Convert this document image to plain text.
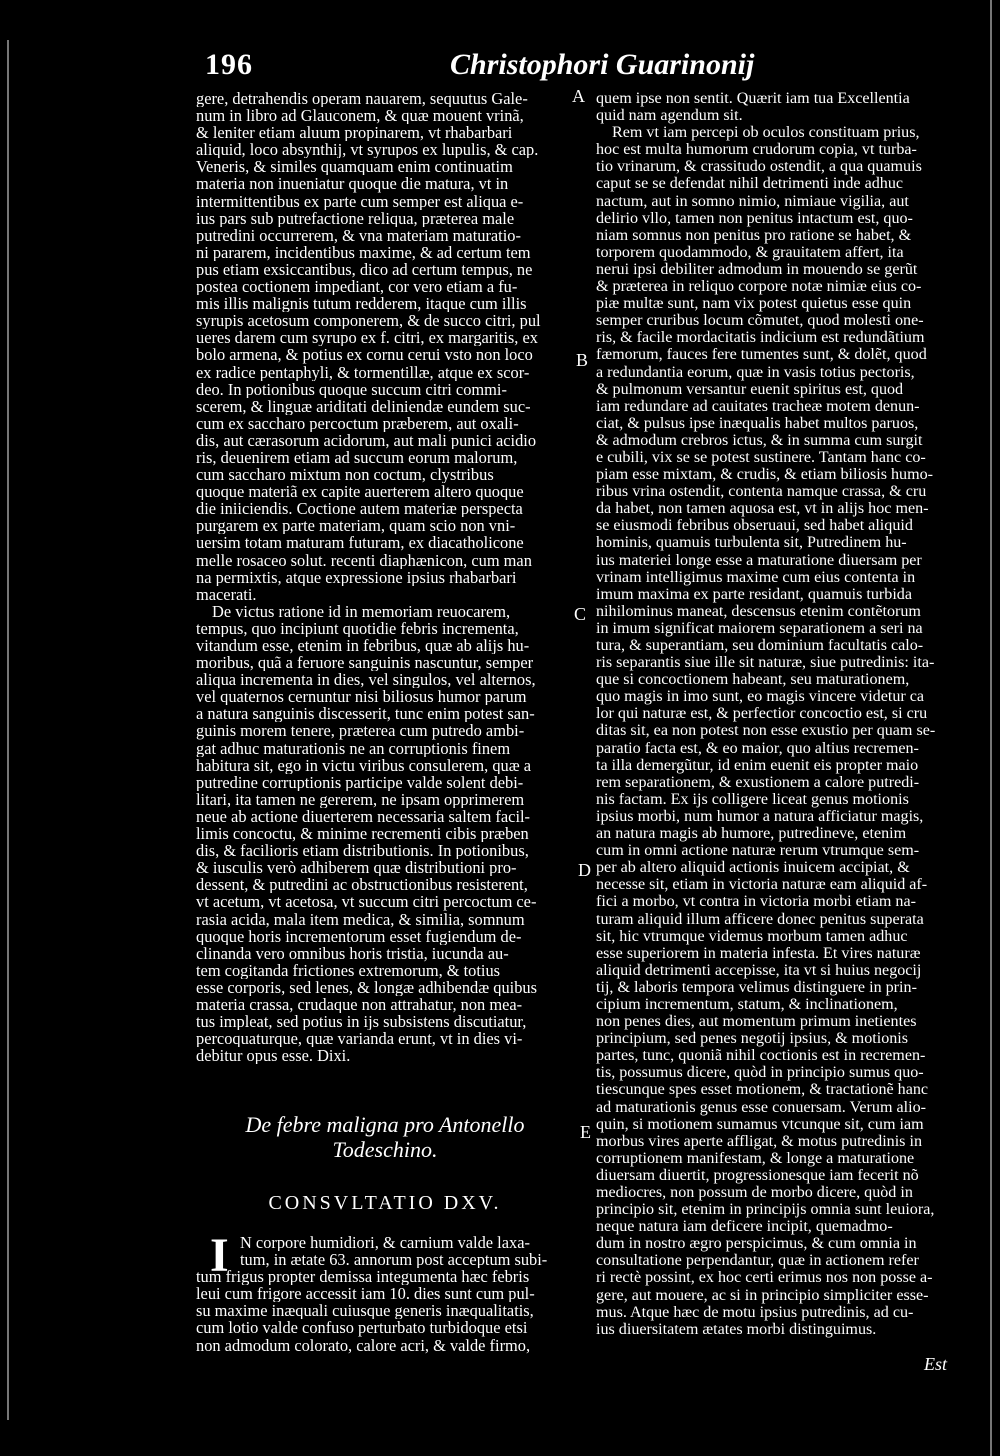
196	Christophori Guarinonij
gere, detrahendis operam nauarem, sequutus Gale-
num in libro ad Glauconem, & quæ mouent vrinã,
& leniter etiam aluum propinarem, vt rhabarbari
aliquid, loco absynthij, vt syrupos ex lupulis, & cap.
Veneris, & similes quamquam enim continuatim
materia non inueniatur quoque die matura, vt in
intermittentibus ex parte cum semper est aliqua e-
ius pars sub putrefactione reliqua, præterea male
putredini occurrerem, & vna materiam maturatio-
ni pararem, incidentibus maxime, & ad certum tem
pus etiam exsiccantibus, dico ad certum tempus, ne
postea coctionem impediant, cor vero etiam a fu-
mis illis malignis tutum redderem, itaque cum illis
syrupis acetosum componerem, & de succo citri, pul
ueres darem cum syrupo ex f. citri, ex margaritis, ex
bolo armena, & potius ex cornu cerui vsto non loco
ex radice pentaphyli, & tormentillæ, atque ex scor-
deo. In potionibus quoque succum citri commi-
scerem, & linguæ ariditati deliniendæ eundem suc-
cum ex saccharo percoctum præberem, aut oxali-
dis, aut cærasorum acidorum, aut mali punici acidio
ris, deuenirem etiam ad succum eorum malorum,
cum saccharo mixtum non coctum, clystribus
quoque materiã ex capite auerterem altero quoque
die iniiciendis. Coctione autem materiæ perspecta
purgarem ex parte materiam, quam scio non vni-
uersim totam maturam futuram, ex diacatholicone
melle rosaceo solut. recenti diaphænicon, cum man
na permixtis, atque expressione ipsius rhabarbari
macerati.
De victus ratione id in memoriam reuocarem,
tempus, quo incipiunt quotidie febris incrementa,
vitandum esse, etenim in febribus, quæ ab alijs hu-
moribus, quã a feruore sanguinis nascuntur, semper
aliqua incrementa in dies, vel singulos, vel alternos,
vel quaternos cernuntur nisi biliosus humor parum
a natura sanguinis discesserit, tunc enim potest san-
guinis morem tenere, præterea cum putredo ambi-
gat adhuc maturationis ne an corruptionis finem
habitura sit, ego in victu viribus consulerem, quæ a
putredine corruptionis participe valde solent debi-
litari, ita tamen ne gererem, ne ipsam opprimerem
neue ab actione diuerterem necessaria saltem facil-
limis concoctu, & minime recrementi cibis præben
dis, & facilioris etiam distributionis. In potionibus,
& iusculis verò adhiberem quæ distributioni pro-
dessent, & putredini ac obstructionibus resisterent,
vt acetum, vt acetosa, vt succum citri percoctum ce-
rasia acida, mala item medica, & similia, somnum
quoque horis incrementorum esset fugiendum de-
clinanda vero omnibus horis tristia, iucunda au-
tem cogitanda frictiones extremorum, & totius
esse corporis, sed lenes, & longæ adhibendæ quibus
materia crassa, crudaque non attrahatur, non mea-
tus impleat, sed potius in ijs subsistens discutiatur,
percoquaturque, quæ varianda erunt, vt in dies vi-
debitur opus esse. Dixi.
A
B
C
D
E
De febre maligna pro Antonello
Todeschino.
CONSVLTATIO DXV.
I N corpore humidiori, & carnium valde laxa-
tum, in ætate 63. annorum post acceptum subi-
tum frigus propter demissa integumenta hæc febris
leui cum frigore accessit iam 10. dies sunt cum pul-
su maxime inæquali cuiusque generis inæqualitatis,
cum lotio valde confuso perturbato turbidoque etsi
non admodum colorato, calore acri, & valde firmo,
quem ipse non sentit. Quærit iam tua Excellentia
quid nam agendum sit.
Rem vt iam percepi ob oculos constituam prius,
hoc est multa humorum crudorum copia, vt turba-
tio vrinarum, & crassitudo ostendit, a qua quamuis
caput se se defendat nihil detrimenti inde adhuc
nactum, aut in somno nimio, nimiaue vigilia, aut
delirio vllo, tamen non penitus intactum est, quo-
niam somnus non penitus pro ratione se habet, &
torporem quodammodo, & grauitatem affert, ita
nerui ipsi debiliter admodum in mouendo se gerũt
& præterea in reliquo corpore notæ nimiæ eius co-
piæ multæ sunt, nam vix potest quietus esse quin
semper cruribus locum cõmutet, quod molesti one-
ris, & facile mordacitatis indicium est redundãtium
fæmorum, fauces fere tumentes sunt, & dolẽt, quod
a redundantia eorum, quæ in vasis totius pectoris,
& pulmonum versantur euenit spiritus est, quod
iam redundare ad cauitates tracheæ motem denun-
ciat, & pulsus ipse inæqualis habet multos paruos,
& admodum crebros ictus, & in summa cum surgit
e cubili, vix se se potest sustinere. Tantam hanc co-
piam esse mixtam, & crudis, & etiam biliosis humo-
ribus vrina ostendit, contenta namque crassa, & cru
da habet, non tamen aquosa est, vt in alijs hoc men-
se eiusmodi febribus obseruaui, sed habet aliquid
hominis, quamuis turbulenta sit, Putredinem hu-
ius materiei longe esse a maturatione diuersam per
vrinam intelligimus maxime cum eius contenta in
imum maxima ex parte residant, quamuis turbida
nihilominus maneat, descensus etenim contẽtorum
in imum significat maiorem separationem a seri na
tura, & superantiam, seu dominium facultatis calo-
ris separantis siue ille sit naturæ, siue putredinis: ita-
que si concoctionem habeant, seu maturationem,
quo magis in imo sunt, eo magis vincere videtur ca
lor qui naturæ est, & perfectior concoctio est, si cru
ditas sit, ea non potest non esse exustio per quam se-
paratio facta est, & eo maior, quo altius recremen-
ta illa demergũtur, id enim euenit eis propter maio
rem separationem, & exustionem a calore putredi-
nis factam. Ex ijs colligere liceat genus motionis
ipsius morbi, num humor a natura afficiatur magis,
an natura magis ab humore, putredineve, etenim
cum in omni actione naturæ rerum vtrumque sem-
per ab altero aliquid actionis inuicem accipiat, &
necesse sit, etiam in victoria naturæ eam aliquid af-
fici a morbo, vt contra in victoria morbi etiam na-
turam aliquid illum afficere donec penitus superata
sit, hic vtrumque videmus morbum tamen adhuc
esse superiorem in materia infesta. Et vires naturæ
aliquid detrimenti accepisse, ita vt si huius negocij
tij, & laboris tempora velimus distinguere in prin-
cipium incrementum, statum, & inclinationem,
non penes dies, aut momentum primum inetientes
principium, sed penes negotij ipsius, & motionis
partes, tunc, quoniã nihil coctionis est in recremen-
tis, possumus dicere, quòd in principio sumus quo-
tiescunque spes esset motionem, & tractationẽ hanc
ad maturationis genus esse conuersam. Verum alio-
quin, si motionem sumamus vtcunque sit, cum iam
morbus vires aperte affligat, & motus putredinis in
corruptionem manifestam, & longe a maturatione
diuersam diuertit, progressionesque iam fecerit nõ
mediocres, non possum de morbo dicere, quòd in
principio sit, etenim in principijs omnia sunt leuiora,
neque natura iam deficere incipit, quemadmo-
dum in nostro ægro perspicimus, & cum omnia in
consultatione perpendantur, quæ in actionem refer
ri rectè possint, ex hoc certi erimus nos non posse a-
gere, aut mouere, ac si in principio simpliciter esse-
mus. Atque hæc de motu ipsius putredinis, ad cu-
ius diuersitatem ætates morbi distinguimus.
Est
